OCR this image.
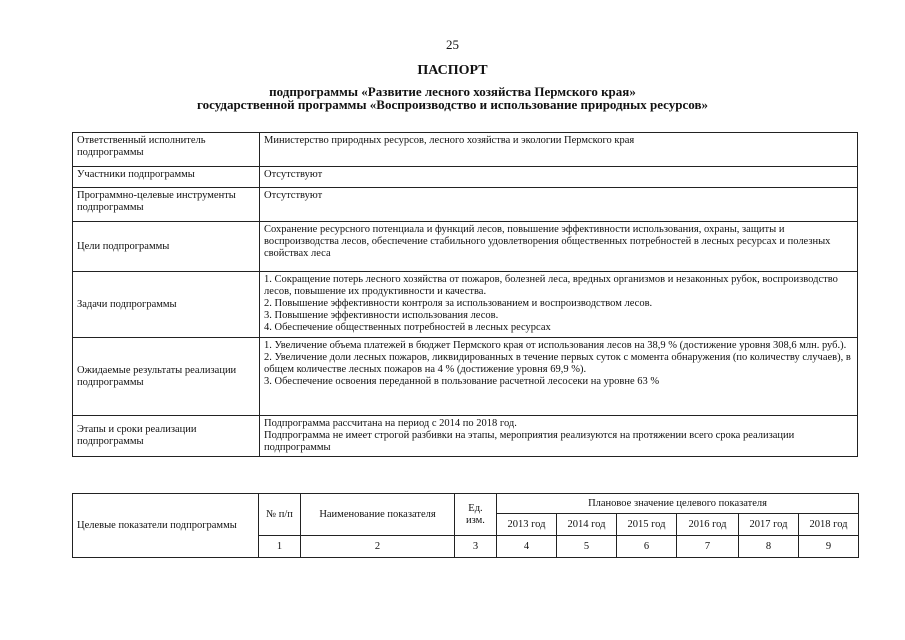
25
ПАСПОРТ
подпрограммы «Развитие лесного хозяйства Пермского края»
государственной программы «Воспроизводство и использование природных ресурсов»
Ответственный исполнитель подпрограммы	Министерство природных ресурсов, лесного хозяйства и экологии Пермского края

Участники подпрограммы	Отсутствуют

Программно-целевые инструменты подпрограммы	Отсутствуют

Цели подпрограммы	Сохранение ресурсного потенциала и функций лесов, повышение эффективности использования, охраны, защиты и воспроизводства лесов, обеспечение стабильного удовлетворения общественных потребностей в лесных ресурсах и полезных свойствах леса

Задачи подпрограммы	1. Сокращение потерь лесного хозяйства от пожаров, болезней леса, вредных организмов и незаконных рубок, воспроизводство лесов, повышение их продуктивности и качества.
2. Повышение эффективности контроля за использованием и воспроизводством лесов.
3. Повышение эффективности использования лесов.
4. Обеспечение общественных потребностей в лесных ресурсах

Ожидаемые результаты реализации подпрограммы	1. Увеличение объема платежей в бюджет Пермского края от использования лесов на 38,9 % (достижение уровня 308,6 млн. руб.).
2. Увеличение доли лесных пожаров, ликвидированных в течение первых суток с момента обнаружения (по количеству случаев), в общем количестве лесных пожаров на 4 % (достижение уровня 69,9 %).
3. Обеспечение освоения переданной в пользование расчетной лесосеки на уровне 63 %

Этапы и сроки реализации подпрограммы	Подпрограмма рассчитана на период с 2014 по 2018 год.
Подпрограмма не имеет строгой разбивки на этапы, мероприятия реализуются на протяжении всего срока реализации подпрограммы
Целевые показатели подпрограммы	№ п/п	Наименование показателя	Ед. изм.	Плановое значение целевого показателя					
				2013 год	2014 год	2015 год	2016 год	2017 год	2018 год
	1	2	3	4	5	6	7	8	9
